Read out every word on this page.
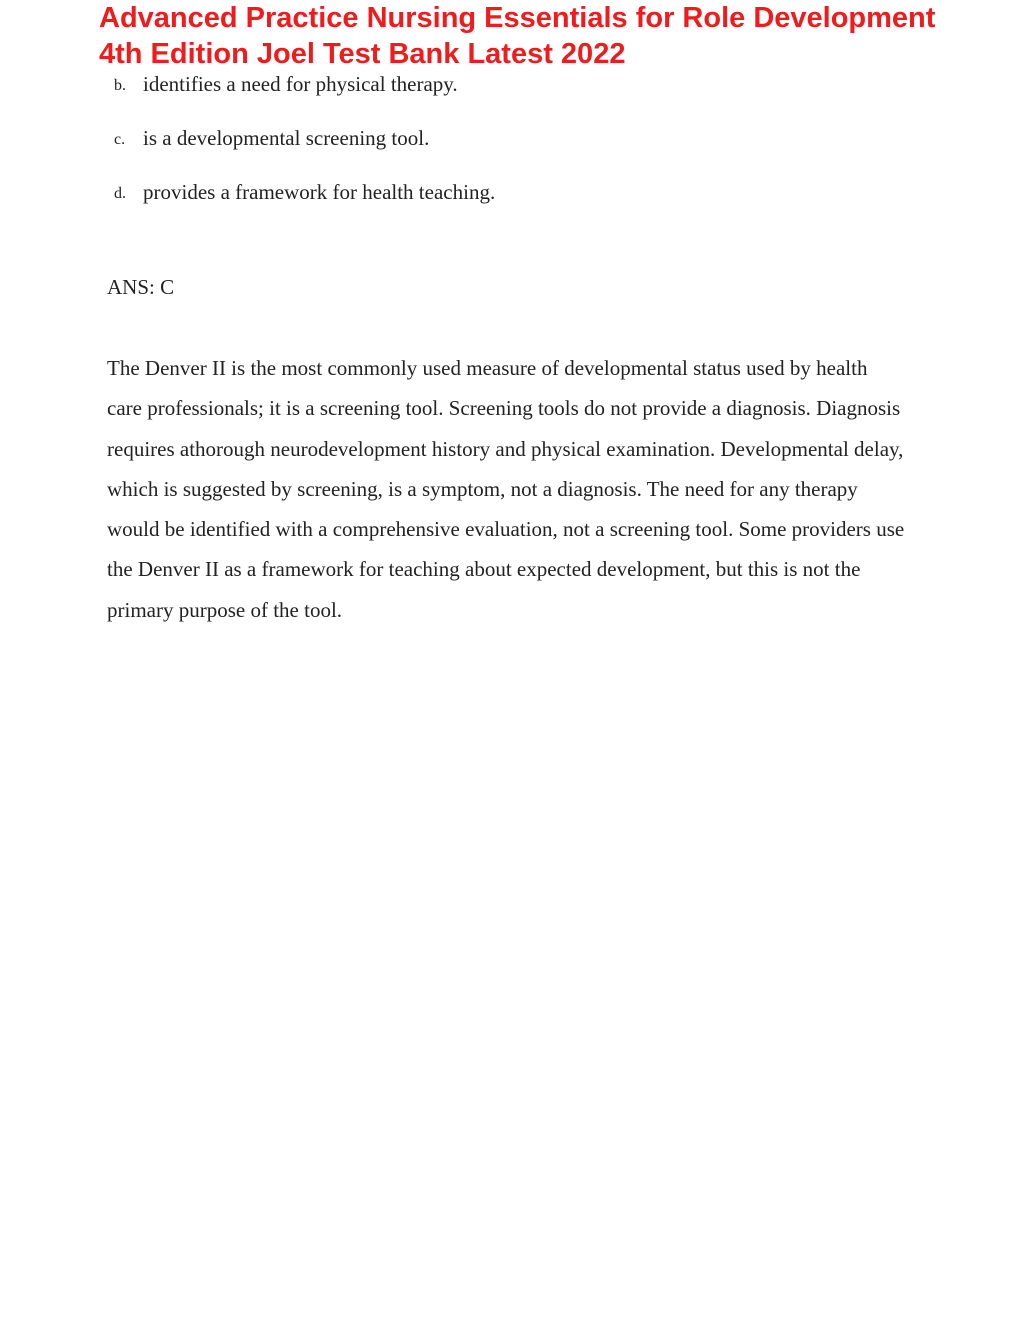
Advanced Practice Nursing Essentials for Role Development 4th Edition Joel Test Bank Latest 2022
b. identifies a need for physical therapy.
c. is a developmental screening tool.
d. provides a framework for health teaching.

ANS: C

The Denver II is the most commonly used measure of developmental status used by health care professionals; it is a screening tool. Screening tools do not provide a diagnosis. Diagnosis requires athorough neurodevelopment history and physical examination. Developmental delay, which is suggested by screening, is a symptom, not a diagnosis. The need for any therapy would be identified with a comprehensive evaluation, not a screening tool. Some providers use the Denver II as a framework for teaching about expected development, but this is not the primary purpose of the tool.
